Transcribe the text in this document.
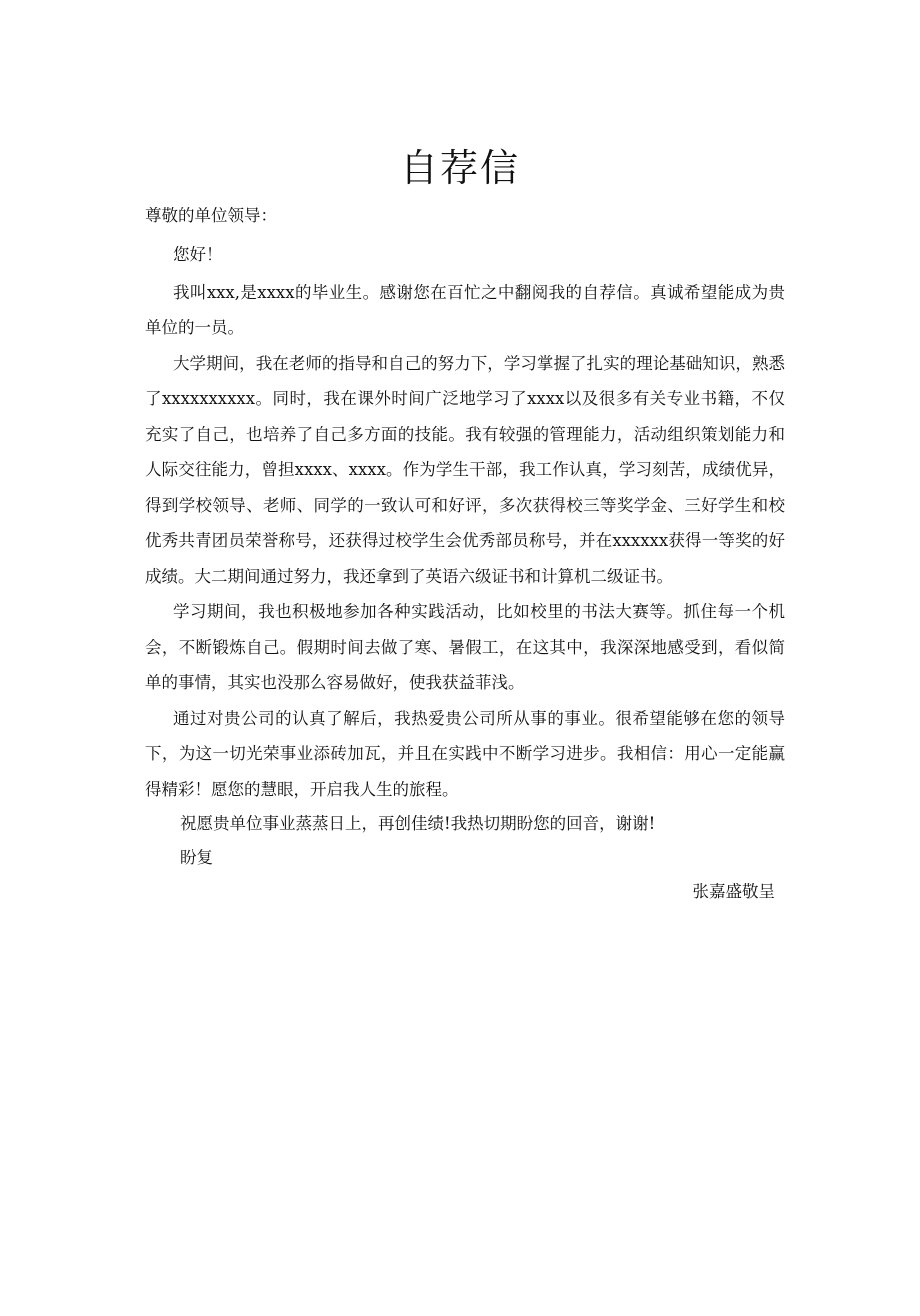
自荐信

尊敬的单位领导：

您好！

我叫xxx,是xxxx的毕业生。感谢您在百忙之中翻阅我的自荐信。真诚希望能成为贵单位的一员。

大学期间，我在老师的指导和自己的努力下，学习掌握了扎实的理论基础知识，熟悉了xxxxxxxxxx。同时，我在课外时间广泛地学习了xxxx以及很多有关专业书籍，不仅充实了自己，也培养了自己多方面的技能。我有较强的管理能力，活动组织策划能力和人际交往能力，曾担xxxx、xxxx。作为学生干部，我工作认真，学习刻苦，成绩优异，得到学校领导、老师、同学的一致认可和好评，多次获得校三等奖学金、三好学生和校优秀共青团员荣誉称号，还获得过校学生会优秀部员称号，并在xxxxxx获得一等奖的好成绩。大二期间通过努力，我还拿到了英语六级证书和计算机二级证书。

学习期间，我也积极地参加各种实践活动，比如校里的书法大赛等。抓住每一个机会，不断锻炼自己。假期时间去做了寒、暑假工，在这其中，我深深地感受到，看似简单的事情，其实也没那么容易做好，使我获益菲浅。

通过对贵公司的认真了解后，我热爱贵公司所从事的事业。很希望能够在您的领导下，为这一切光荣事业添砖加瓦，并且在实践中不断学习进步。我相信：用心一定能赢得精彩！愿您的慧眼，开启我人生的旅程。

祝愿贵单位事业蒸蒸日上，再创佳绩!我热切期盼您的回音，谢谢!

盼复

张嘉盛敬呈
